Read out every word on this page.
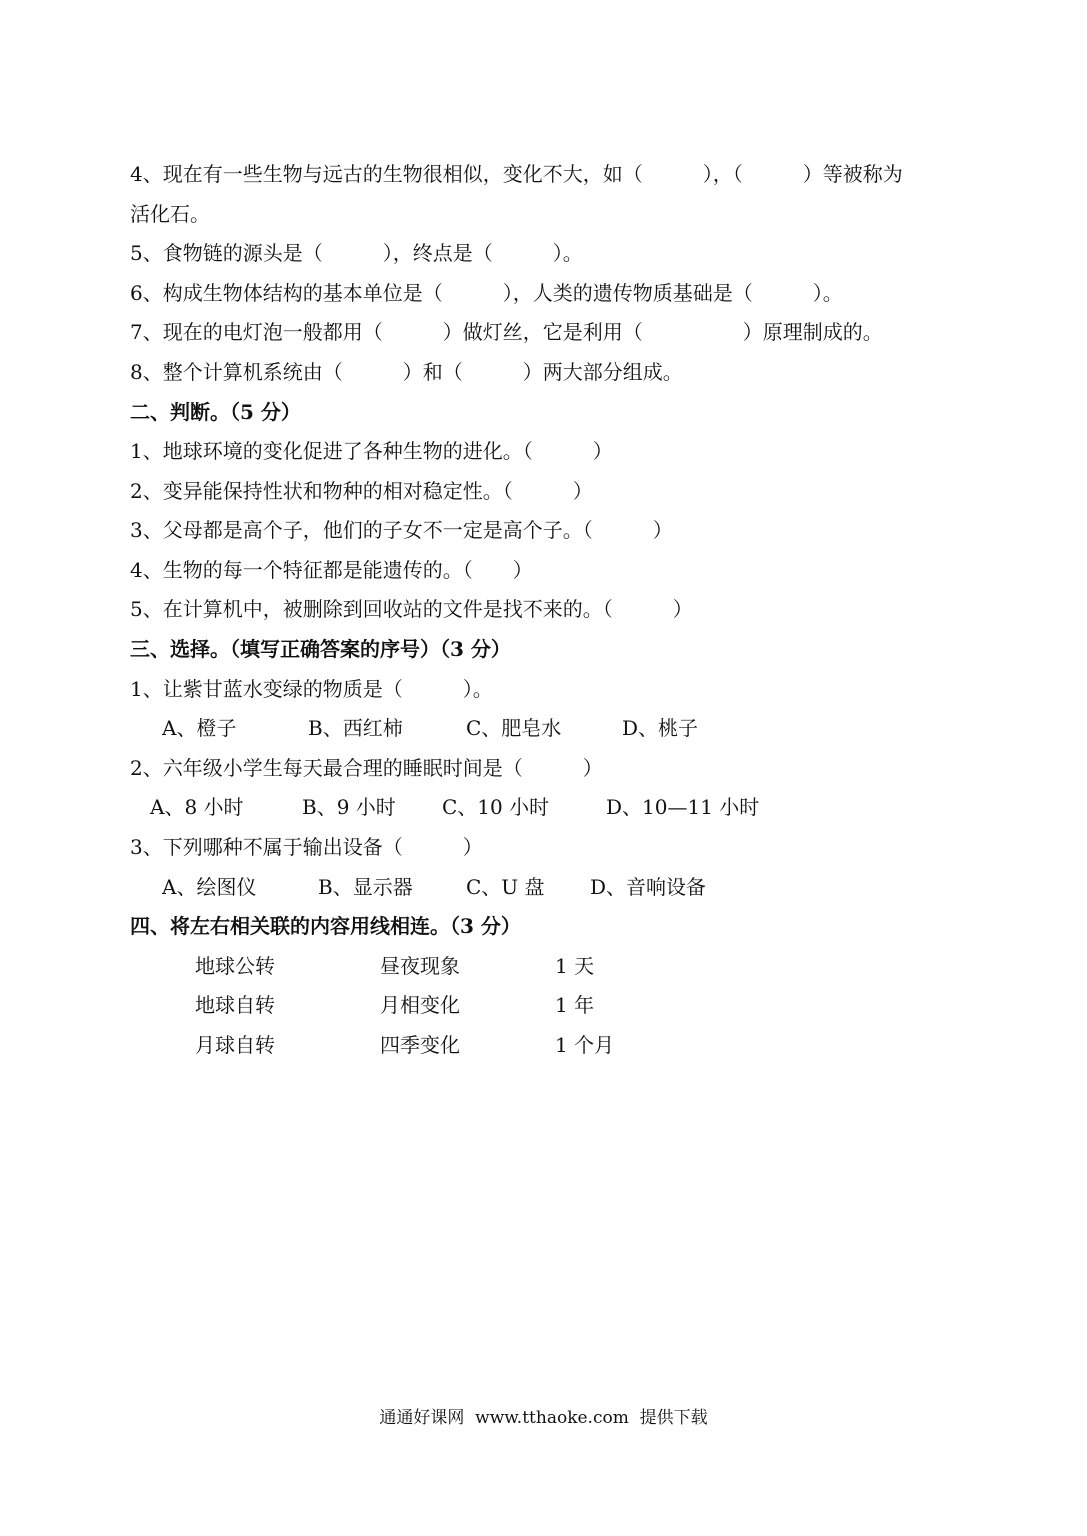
4、现在有一些生物与远古的生物很相似，变化不大，如（　　　），（　　　）等被称为
活化石。
5、食物链的源头是（　　　），终点是（　　　）。
6、构成生物体结构的基本单位是（　　　），人类的遗传物质基础是（　　　）。
7、现在的电灯泡一般都用（　　　）做灯丝，它是利用（　　　　　）原理制成的。
8、整个计算机系统由（　　　）和（　　　）两大部分组成。
二、判断。（5 分）
1、地球环境的变化促进了各种生物的进化。（　　　）
2、变异能保持性状和物种的相对稳定性。（　　　）
3、父母都是高个子，他们的子女不一定是高个子。（　　　）
4、生物的每一个特征都是能遗传的。（　　）
5、在计算机中，被删除到回收站的文件是找不来的。（　　　）
三、选择。（填写正确答案的序号）（3 分）
1、让紫甘蓝水变绿的物质是（　　　）。
A、橙子	B、西红柿	C、肥皂水	D、桃子
2、六年级小学生每天最合理的睡眠时间是（　　　）
A、8 小时	B、9 小时 C、10 小时	D、10—11 小时
3、下列哪种不属于输出设备（　　　）
A、绘图仪	B、显示器	C、U 盘 D、音响设备
四、将左右相关联的内容用线相连。（3 分）
地球公转	昼夜现象	1 天
地球自转	月相变化	1 年
月球自转	四季变化	1 个月
通通好课网  www.tthaoke.com  提供下载
